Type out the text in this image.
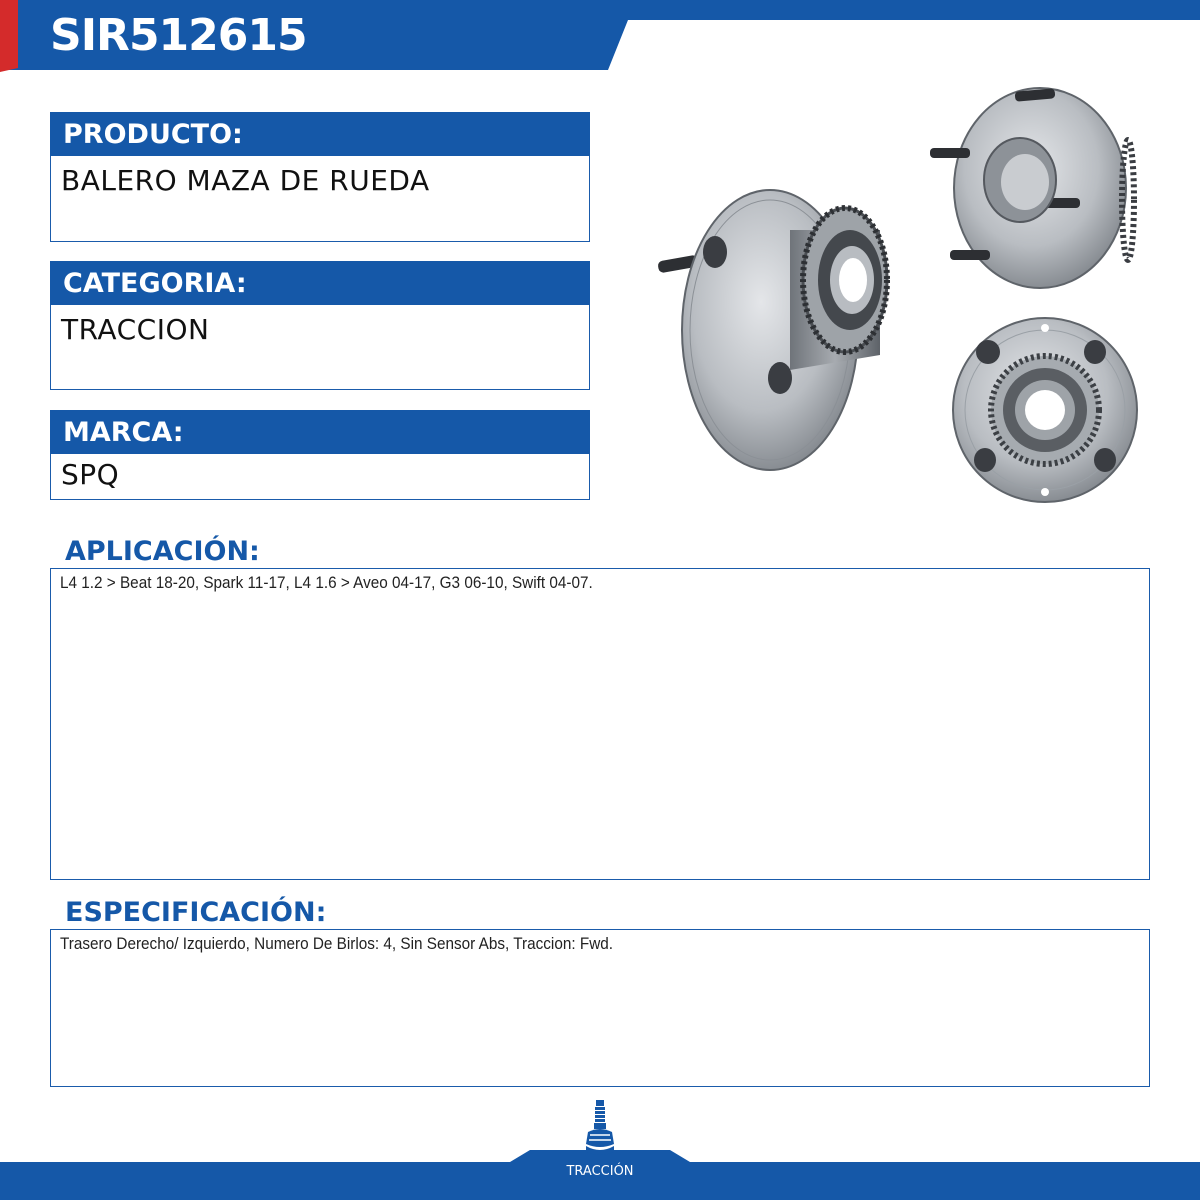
SIR512615
PRODUCTO:
BALERO MAZA DE RUEDA
CATEGORIA:
TRACCION
MARCA:
SPQ
APLICACIÓN:
L4 1.2 > Beat 18-20, Spark 11-17, L4 1.6 > Aveo 04-17, G3 06-10, Swift 04-07.
ESPECIFICACIÓN:
Trasero Derecho/ Izquierdo, Numero De Birlos: 4, Sin Sensor Abs, Traccion: Fwd.
TRACCIÓN
